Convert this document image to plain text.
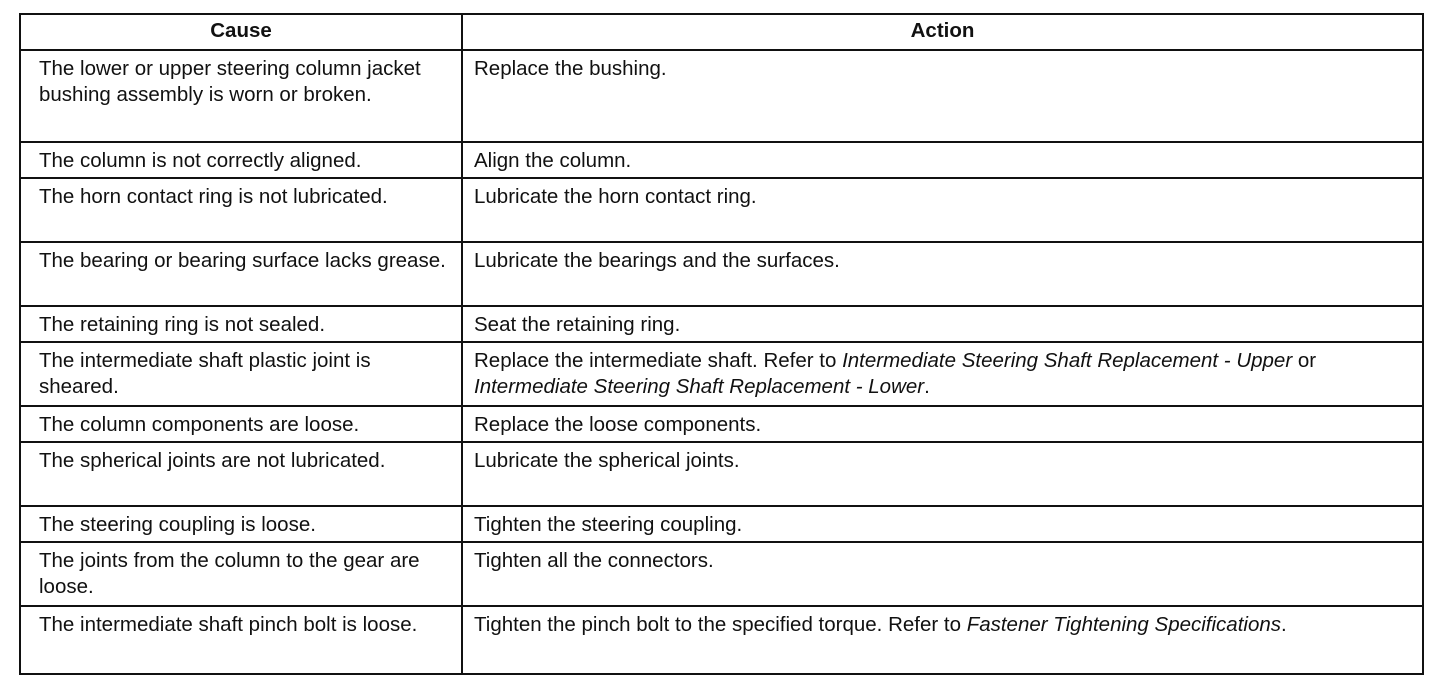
Cause	Action
The lower or upper steering column jacket bushing assembly is worn or broken.	Replace the bushing.
The column is not correctly aligned.	Align the column.
The horn contact ring is not lubricated.	Lubricate the horn contact ring.
The bearing or bearing surface lacks grease.	Lubricate the bearings and the surfaces.
The retaining ring is not sealed.	Seat the retaining ring.
The intermediate shaft plastic joint is sheared.	Replace the intermediate shaft. Refer to Intermediate Steering Shaft Replacement - Upper or Intermediate Steering Shaft Replacement - Lower.
The column components are loose.	Replace the loose components.
The spherical joints are not lubricated.	Lubricate the spherical joints.
The steering coupling is loose.	Tighten the steering coupling.
The joints from the column to the gear are loose.	Tighten all the connectors.
The intermediate shaft pinch bolt is loose.	Tighten the pinch bolt to the specified torque. Refer to Fastener Tightening Specifications.
